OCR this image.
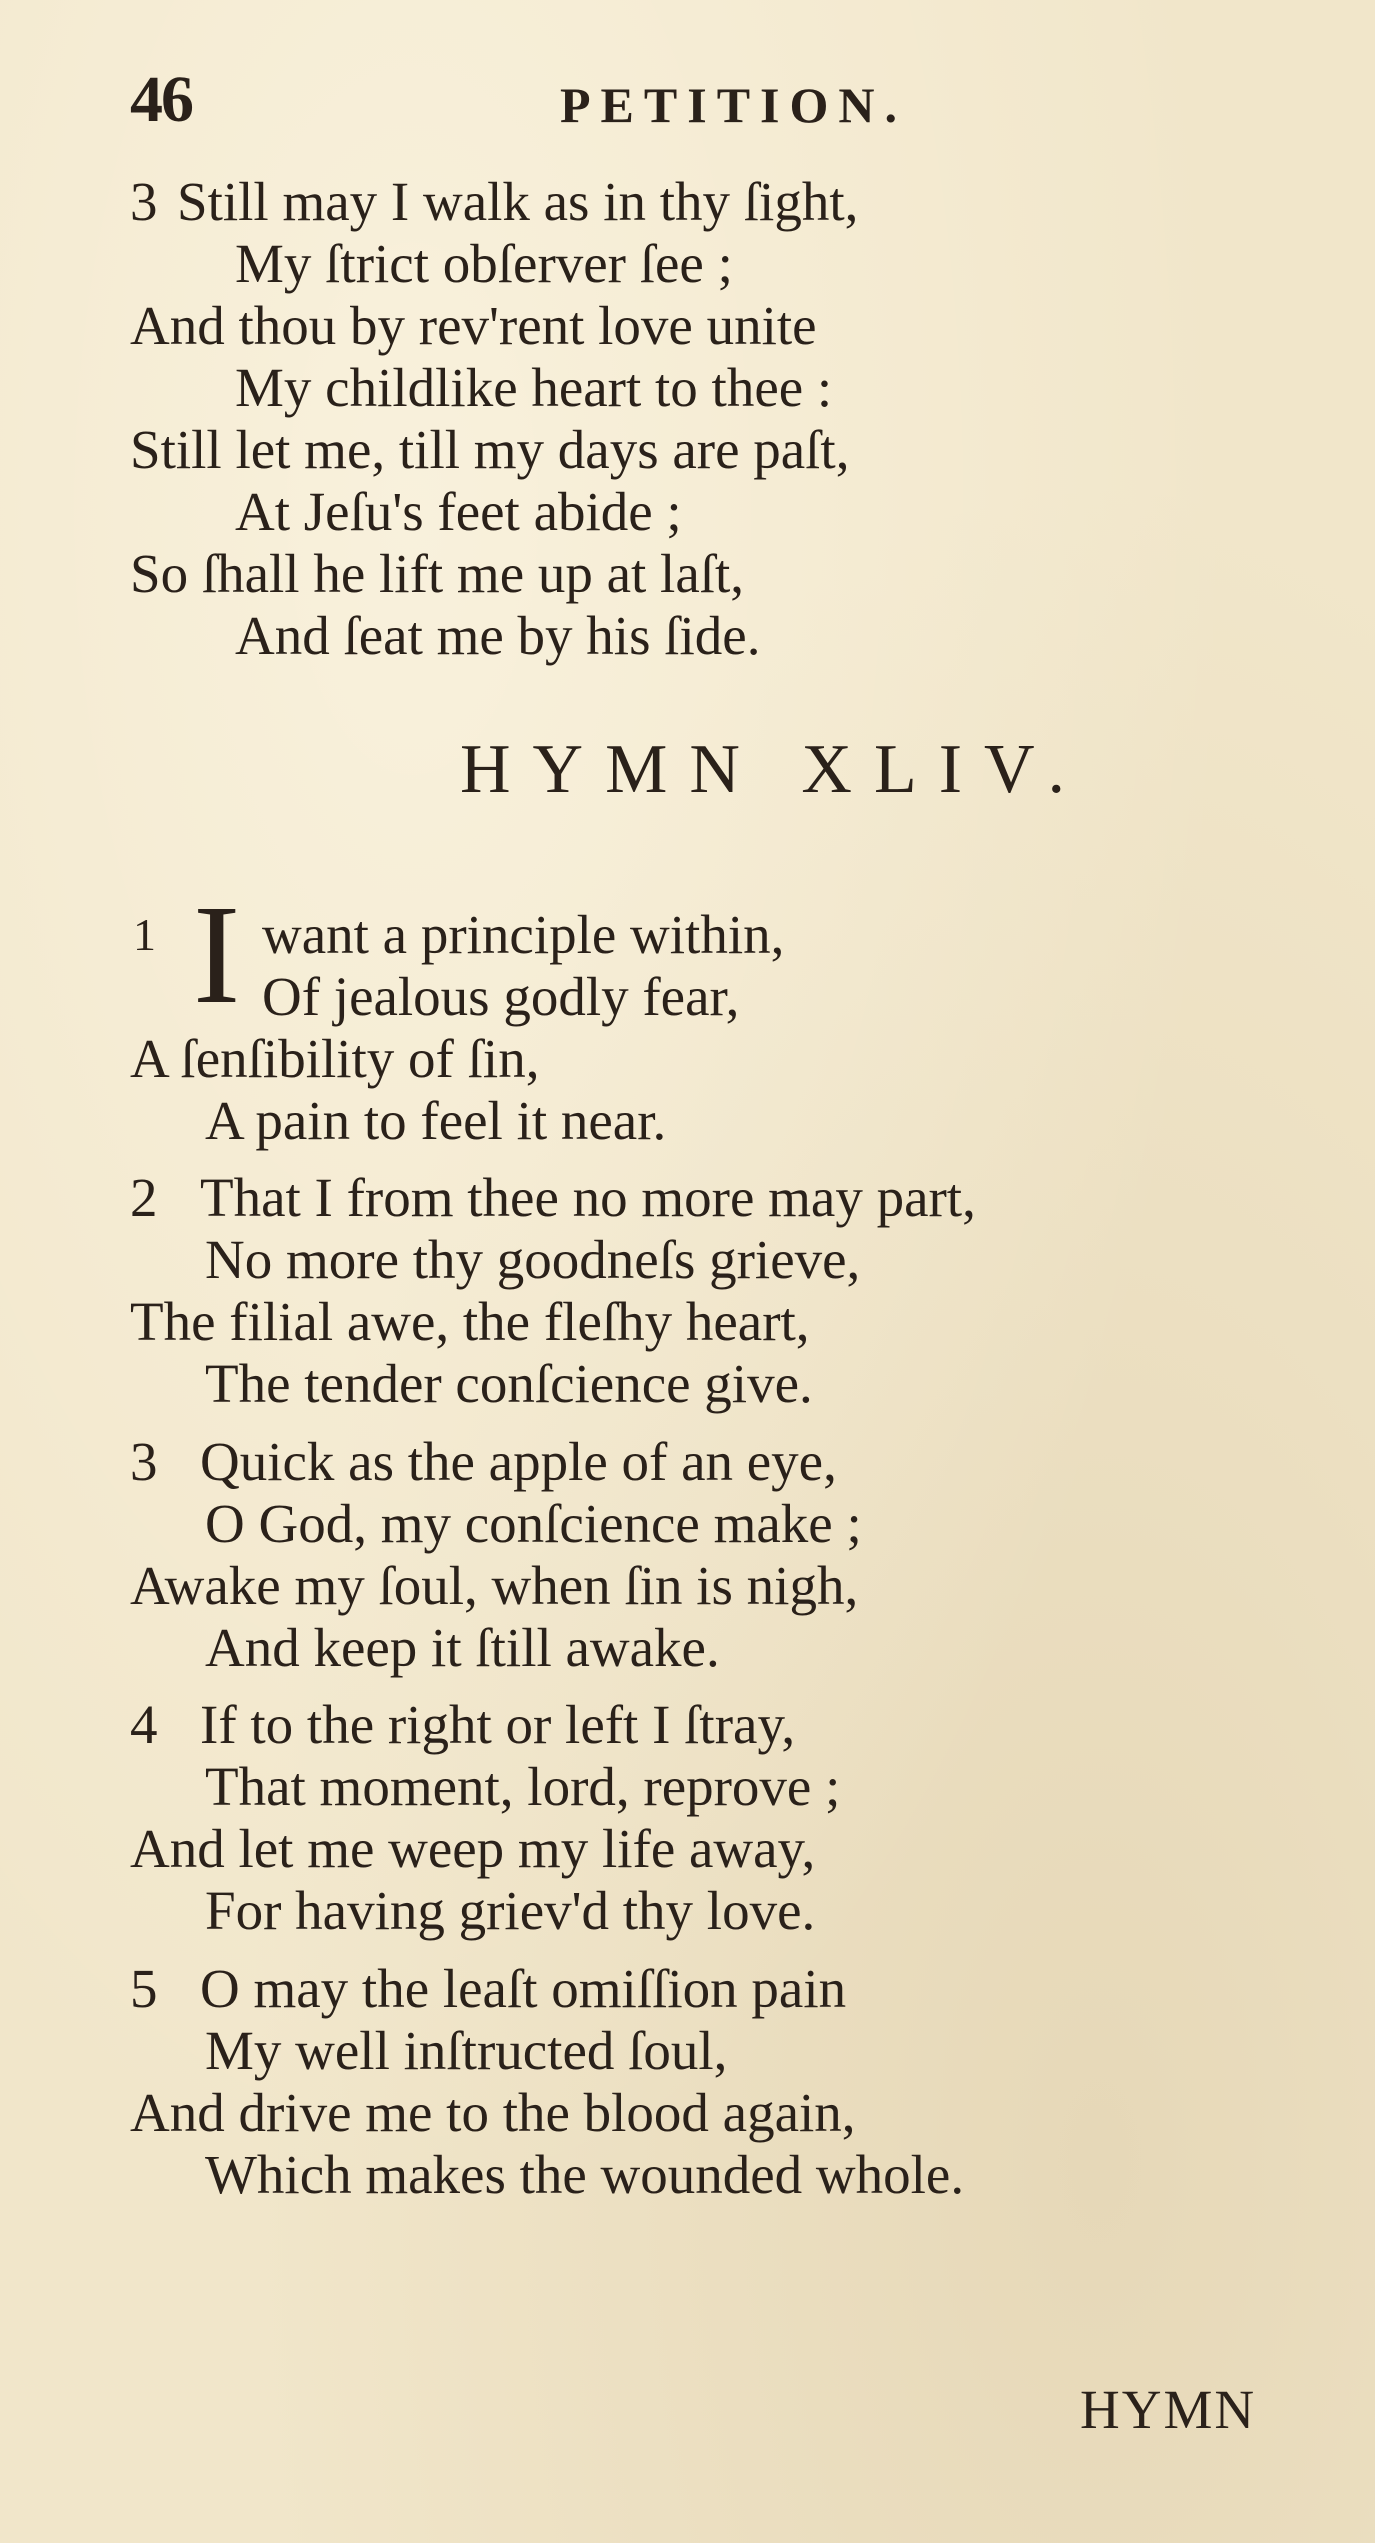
46	PETITION.
3 Still may I walk as in thy ſight,
My ſtrict obſerver ſee ;
And thou by rev'rent love unite
My childlike heart to thee :
Still let me, till my days are paſt,
At Jeſu's feet abide ;
So ſhall he lift me up at laſt,
And ſeat me by his ſide.
HYMN XLIV.
1 I want a principle within,
Of jealous godly fear,
A ſenſibility of ſin,
A pain to feel it near.
2 That I from thee no more may part,
No more thy goodneſs grieve,
The filial awe, the fleſhy heart,
The tender conſcience give.
3 Quick as the apple of an eye,
O God, my conſcience make ;
Awake my ſoul, when ſin is nigh,
And keep it ſtill awake.
4 If to the right or left I ſtray,
That moment, lord, reprove ;
And let me weep my life away,
For having griev'd thy love.
5 O may the leaſt omiſſion pain
My well inſtructed ſoul,
And drive me to the blood again,
Which makes the wounded whole.
HYMN
